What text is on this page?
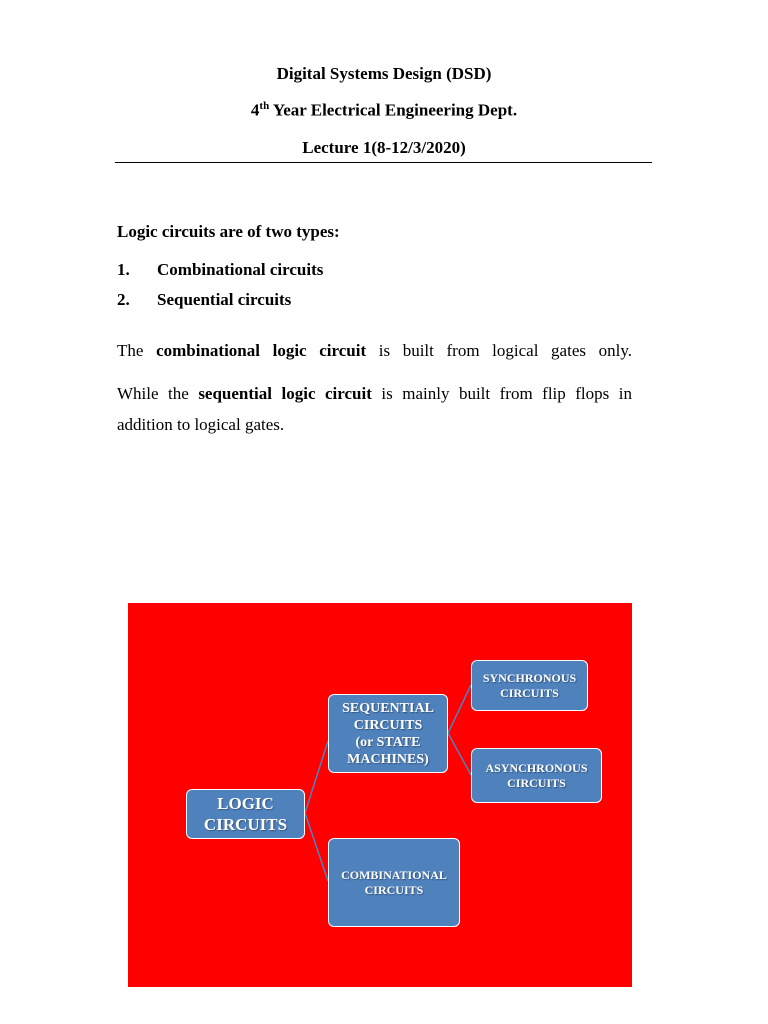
Digital Systems Design (DSD)
4th Year Electrical Engineering Dept.
Lecture 1(8-12/3/2020)
Logic circuits are of two types:
1. Combinational circuits
2. Sequential circuits
The combinational logic circuit is built from logical gates only.
While the sequential logic circuit is mainly built from flip flops in
addition to logical gates.
LOGIC
CIRCUITS
SEQUENTIAL
CIRCUITS
(or STATE
MACHINES)
COMBINATIONAL
CIRCUITS
SYNCHRONOUS
CIRCUITS
ASYNCHRONOUS
CIRCUITS
